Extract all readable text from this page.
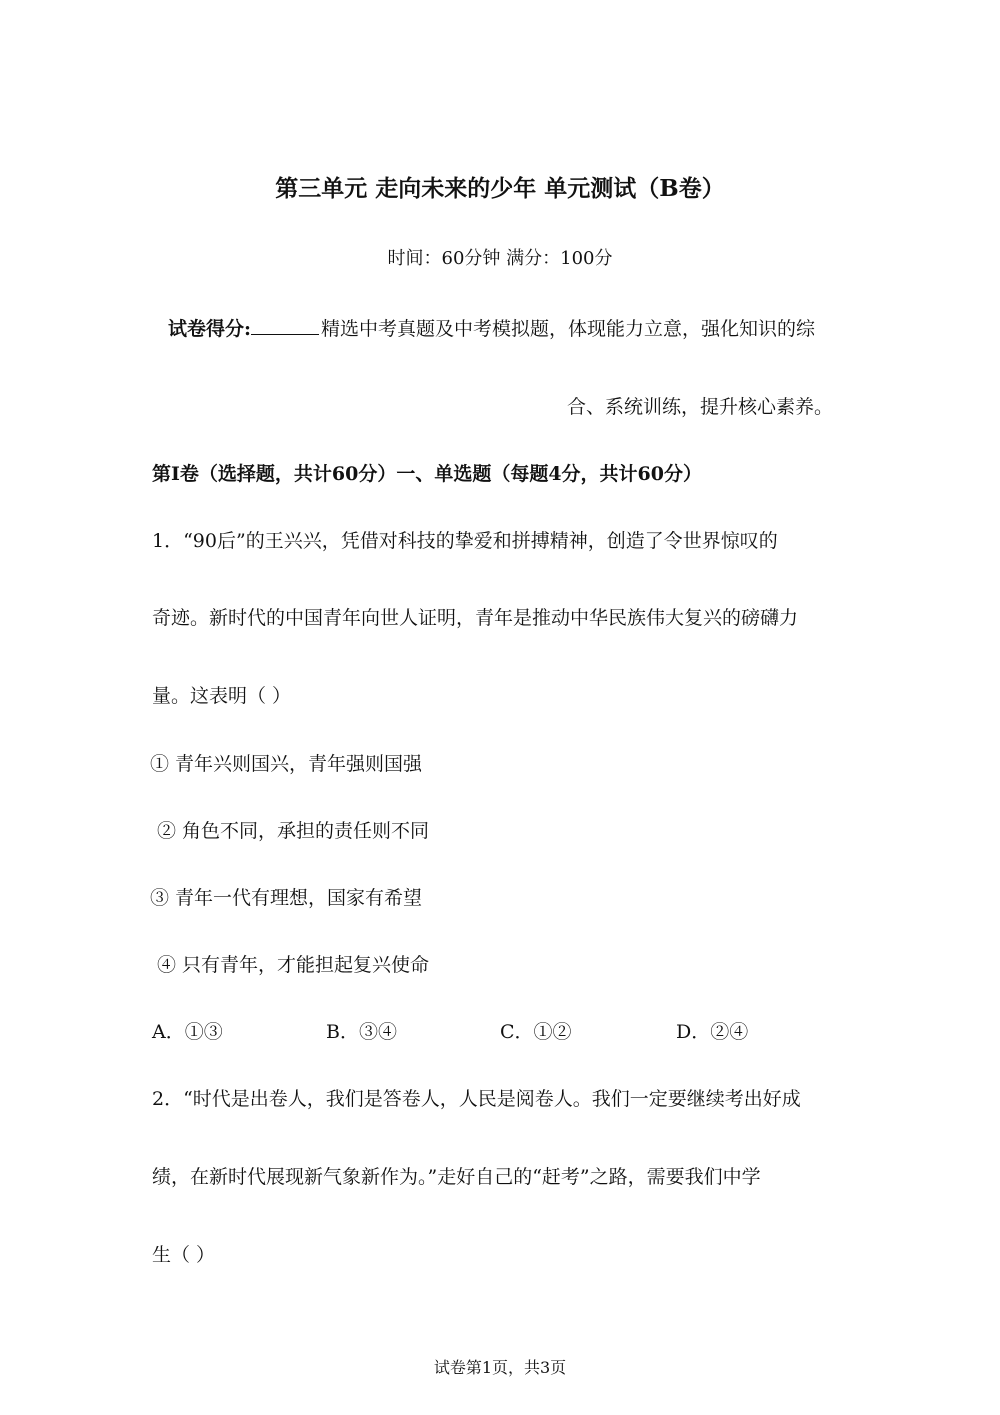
第三单元 走向未来的少年 单元测试（B卷）
时间：60分钟 满分：100分
试卷得分:	精选中考真题及中考模拟题，体现能力立意，强化知识的综
合、系统训练，提升核心素养。
第Ⅰ卷（选择题，共计60分）一、单选题（每题4分，共计60分）
1．“90后”的王兴兴，凭借对科技的挚爱和拼搏精神，创造了令世界惊叹的
奇迹。新时代的中国青年向世人证明，青年是推动中华民族伟大复兴的磅礴力
量。这表明（ ）
① 青年兴则国兴，青年强则国强
② 角色不同，承担的责任则不同
③ 青年一代有理想，国家有希望
④ 只有青年，才能担起复兴使命
A．①③	B．③④	C．①②	D．②④
2．“时代是出卷人，我们是答卷人，人民是阅卷人。我们一定要继续考出好成
绩，在新时代展现新气象新作为。”走好自己的“赶考”之路，需要我们中学
生（ ）
试卷第1页，共3页
